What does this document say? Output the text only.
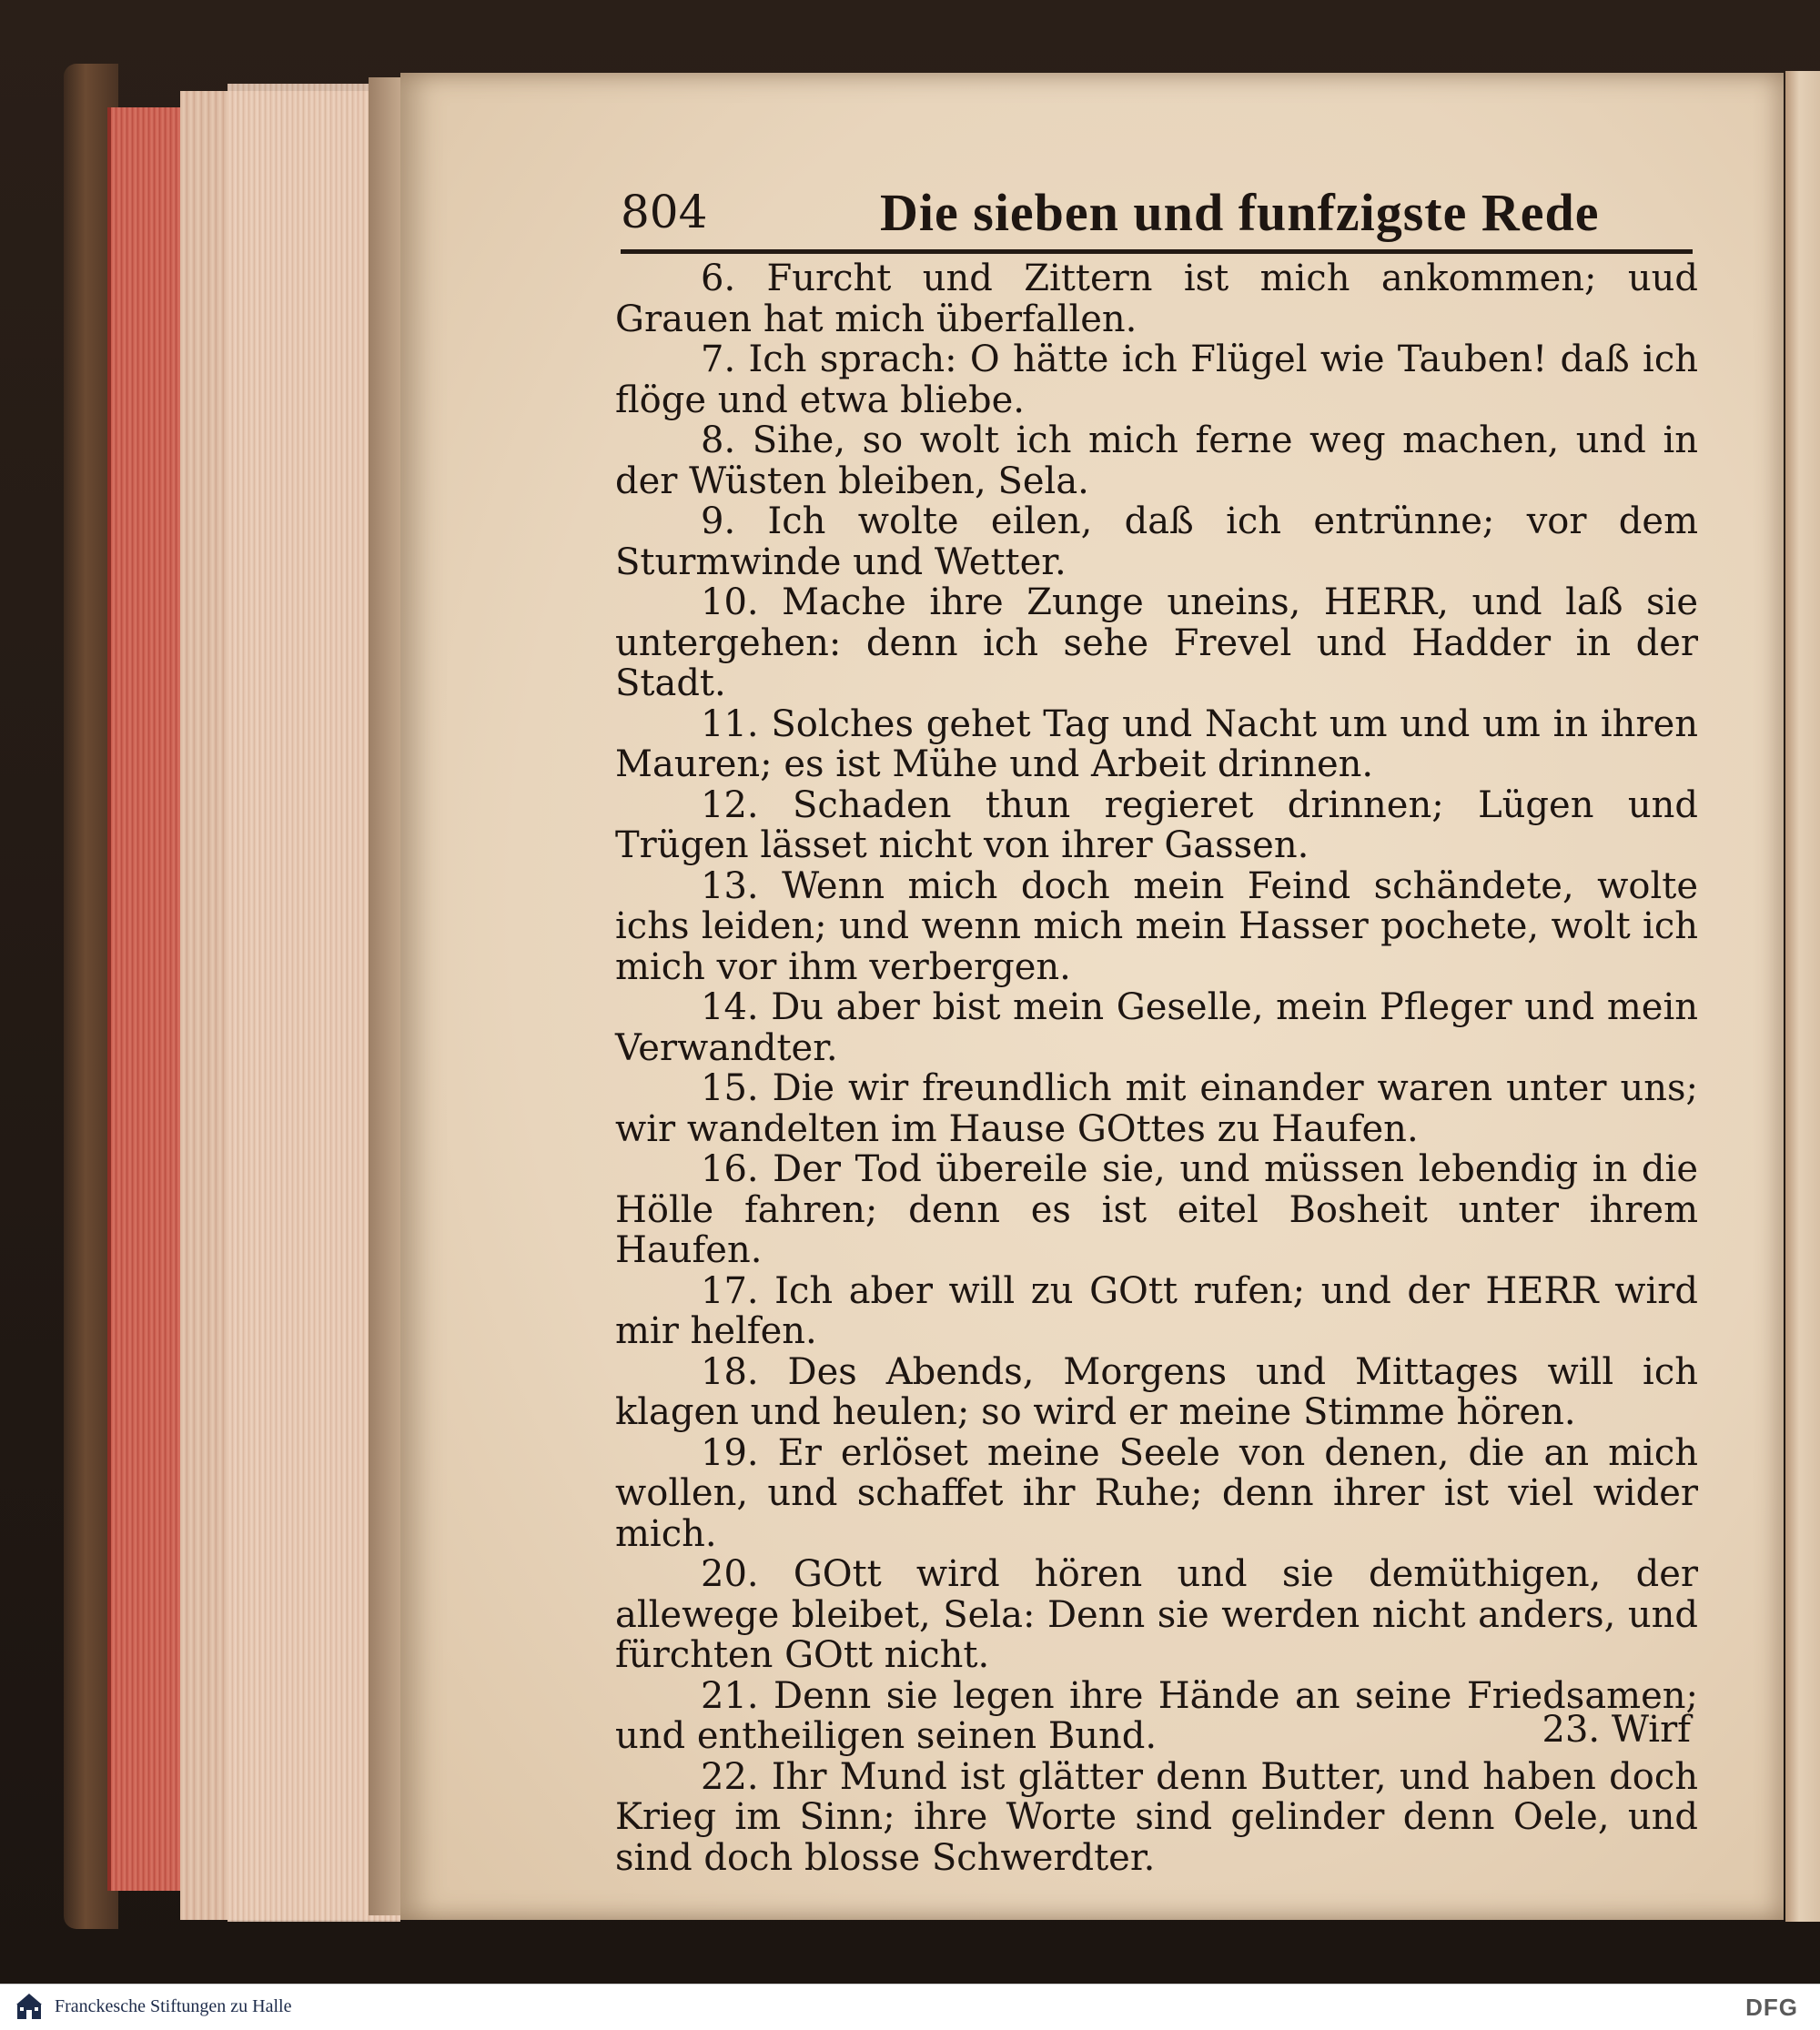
804	Die sieben und funfzigste Rede

6. Furcht und Zittern ist mich ankommen; uud Grauen hat mich überfallen.

7. Ich sprach: O hätte ich Flügel wie Tauben! daß ich flöge und etwa bliebe.

8. Sihe, so wolt ich mich ferne weg machen, und in der Wüsten bleiben, Sela.

9. Ich wolte eilen, daß ich entrünne; vor dem Sturmwinde und Wetter.

10. Mache ihre Zunge uneins, HERR, und laß sie untergehen: denn ich sehe Frevel und Hadder in der Stadt.

11. Solches gehet Tag und Nacht um und um in ihren Mauren; es ist Mühe und Arbeit drinnen.

12. Schaden thun regieret drinnen; Lügen und Trügen lässet nicht von ihrer Gassen.

13. Wenn mich doch mein Feind schändete, wolte ichs leiden; und wenn mich mein Hasser pochete, wolt ich mich vor ihm verbergen.

14. Du aber bist mein Geselle, mein Pfleger und mein Verwandter.

15. Die wir freundlich mit einander waren unter uns; wir wandelten im Hause GOttes zu Haufen.

16. Der Tod übereile sie, und müssen lebendig in die Hölle fahren; denn es ist eitel Bosheit unter ihrem Haufen.

17. Ich aber will zu GOtt rufen; und der HERR wird mir helfen.

18. Des Abends, Morgens und Mittages will ich klagen und heulen; so wird er meine Stimme hören.

19. Er erlöset meine Seele von denen, die an mich wollen, und schaffet ihr Ruhe; denn ihrer ist viel wider mich.

20. GOtt wird hören und sie demüthigen, der allewege bleibet, Sela: Denn sie werden nicht anders, und fürchten GOtt nicht.

21. Denn sie legen ihre Hände an seine Friedsamen; und entheiligen seinen Bund.

22. Ihr Mund ist glätter denn Butter, und haben doch Krieg im Sinn; ihre Worte sind gelinder denn Oele, und sind doch blosse Schwerdter.

23. Wirf
Franckesche Stiftungen zu Halle	DFG
